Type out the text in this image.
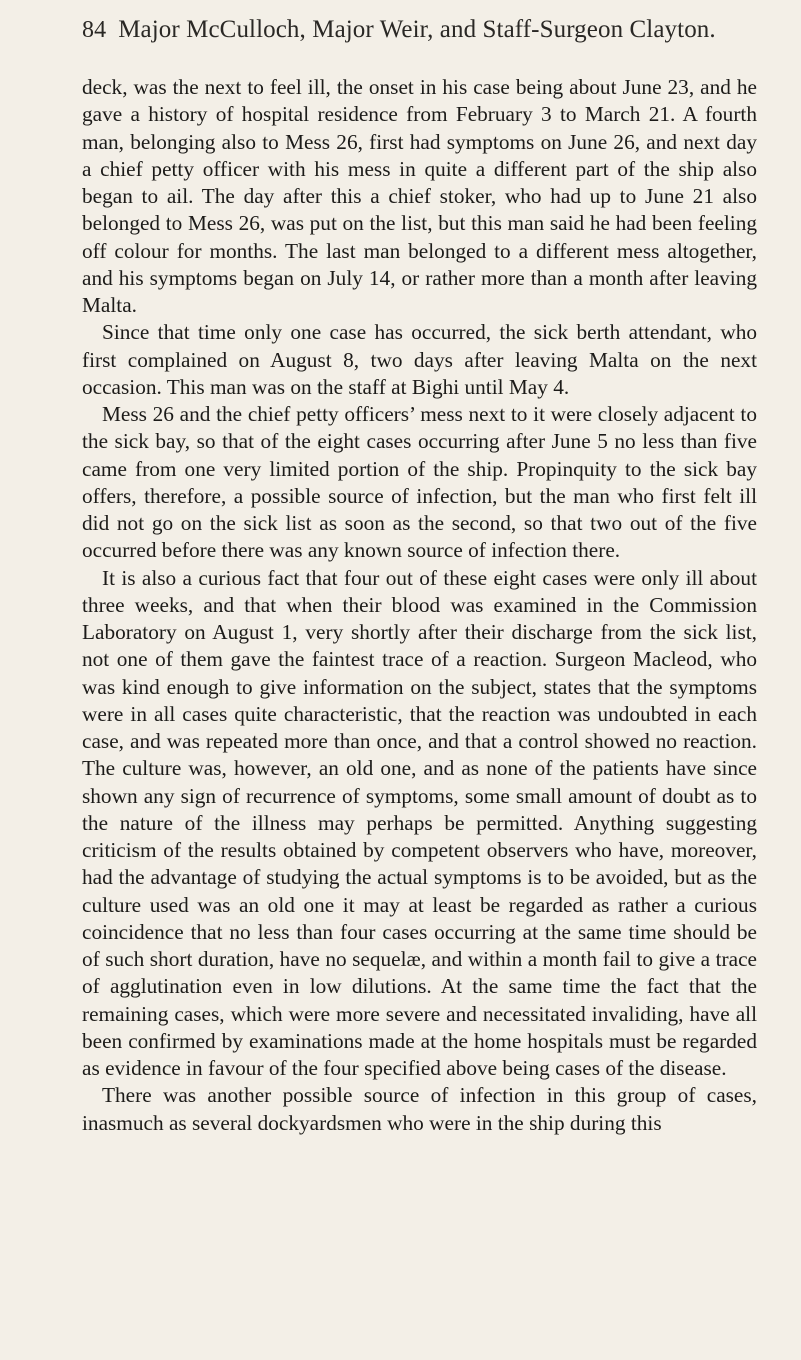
84 Major McCulloch, Major Weir, and Staff-Surgeon Clayton.

deck, was the next to feel ill, the onset in his case being about June 23, and he gave a history of hospital residence from February 3 to March 21. A fourth man, belonging also to Mess 26, first had symptoms on June 26, and next day a chief petty officer with his mess in quite a different part of the ship also began to ail. The day after this a chief stoker, who had up to June 21 also belonged to Mess 26, was put on the list, but this man said he had been feeling off colour for months. The last man belonged to a different mess altogether, and his symptoms began on July 14, or rather more than a month after leaving Malta.

Since that time only one case has occurred, the sick berth attendant, who first complained on August 8, two days after leaving Malta on the next occasion. This man was on the staff at Bighi until May 4.

Mess 26 and the chief petty officers’ mess next to it were closely adjacent to the sick bay, so that of the eight cases occurring after June 5 no less than five came from one very limited portion of the ship. Propinquity to the sick bay offers, therefore, a possible source of infection, but the man who first felt ill did not go on the sick list as soon as the second, so that two out of the five occurred before there was any known source of infection there.

It is also a curious fact that four out of these eight cases were only ill about three weeks, and that when their blood was examined in the Commission Laboratory on August 1, very shortly after their discharge from the sick list, not one of them gave the faintest trace of a reaction. Surgeon Macleod, who was kind enough to give information on the subject, states that the symptoms were in all cases quite characteristic, that the reaction was undoubted in each case, and was repeated more than once, and that a control showed no reaction. The culture was, however, an old one, and as none of the patients have since shown any sign of recurrence of symptoms, some small amount of doubt as to the nature of the illness may perhaps be permitted. Anything suggesting criticism of the results obtained by competent observers who have, moreover, had the advantage of studying the actual symptoms is to be avoided, but as the culture used was an old one it may at least be regarded as rather a curious coincidence that no less than four cases occurring at the same time should be of such short duration, have no sequelæ, and within a month fail to give a trace of agglutination even in low dilutions. At the same time the fact that the remaining cases, which were more severe and necessitated invaliding, have all been confirmed by examinations made at the home hospitals must be regarded as evidence in favour of the four specified above being cases of the disease.

There was another possible source of infection in this group of cases, inasmuch as several dockyardsmen who were in the ship during this
